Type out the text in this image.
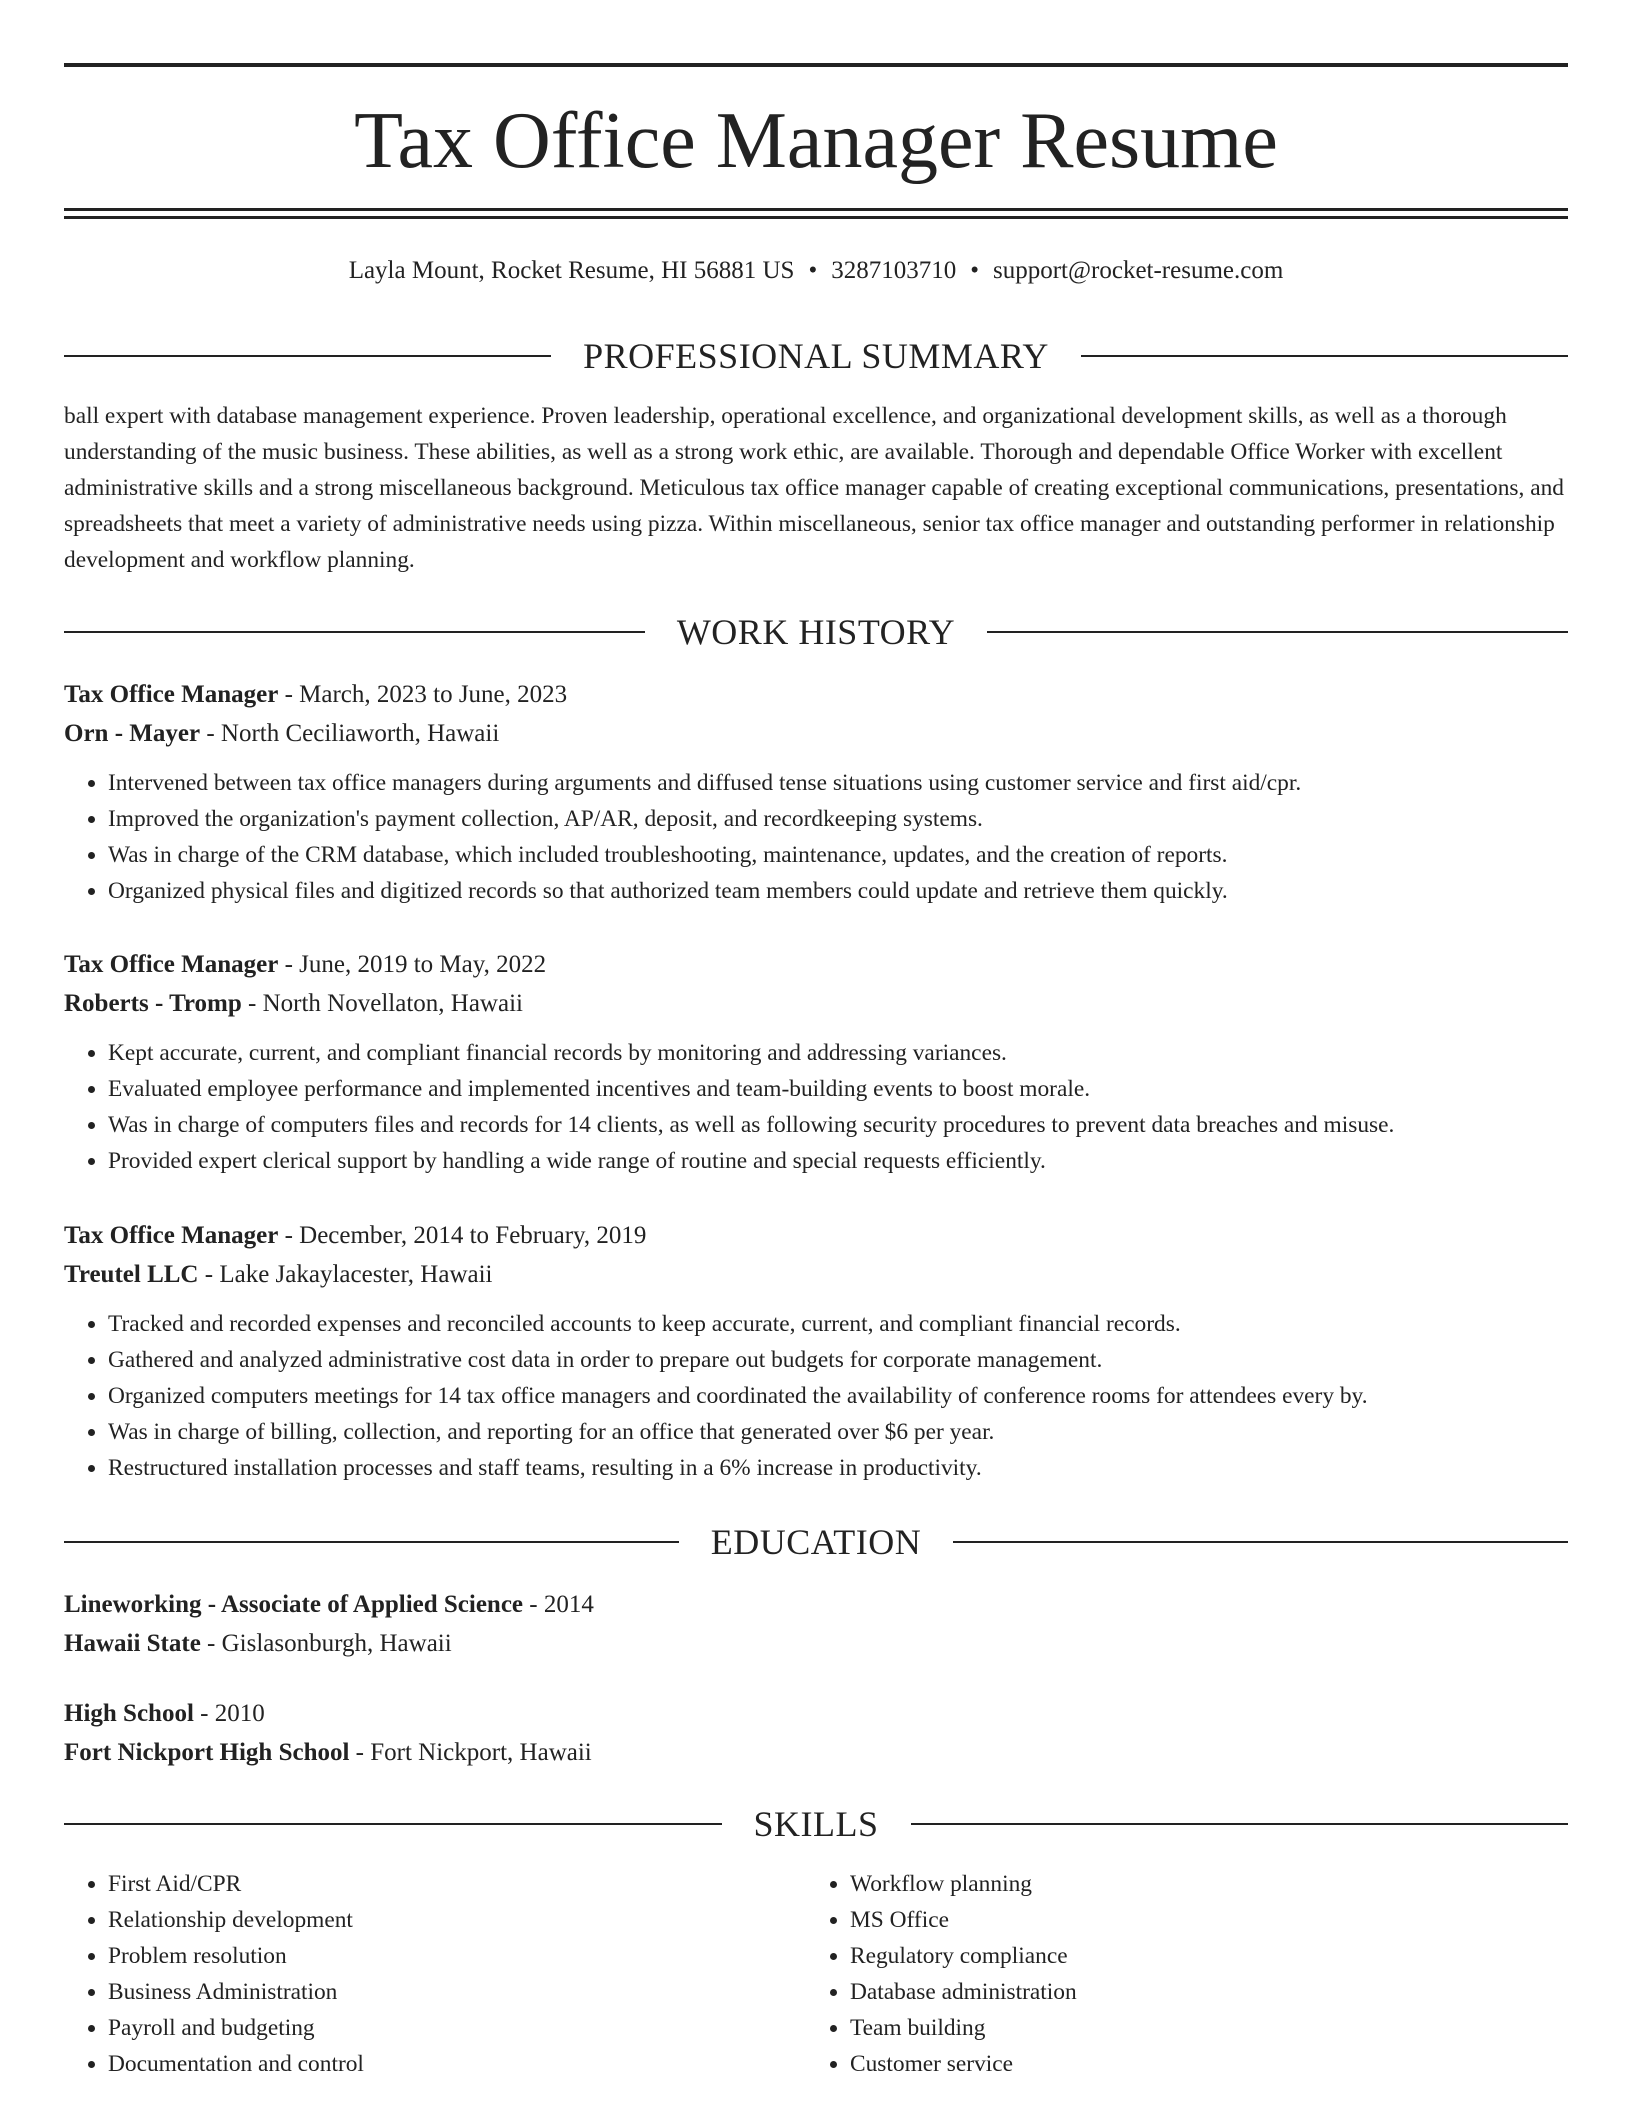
Tax Office Manager Resume
Layla Mount, Rocket Resume, HI 56881 US • 3287103710 • support@rocket-resume.com
PROFESSIONAL SUMMARY
ball expert with database management experience. Proven leadership, operational excellence, and organizational development skills, as well as a thorough understanding of the music business. These abilities, as well as a strong work ethic, are available. Thorough and dependable Office Worker with excellent administrative skills and a strong miscellaneous background. Meticulous tax office manager capable of creating exceptional communications, presentations, and spreadsheets that meet a variety of administrative needs using pizza. Within miscellaneous, senior tax office manager and outstanding performer in relationship development and workflow planning.
WORK HISTORY
Tax Office Manager - March, 2023 to June, 2023
Orn - Mayer - North Ceciliaworth, Hawaii
• Intervened between tax office managers during arguments and diffused tense situations using customer service and first aid/cpr.
• Improved the organization's payment collection, AP/AR, deposit, and recordkeeping systems.
• Was in charge of the CRM database, which included troubleshooting, maintenance, updates, and the creation of reports.
• Organized physical files and digitized records so that authorized team members could update and retrieve them quickly.
Tax Office Manager - June, 2019 to May, 2022
Roberts - Tromp - North Novellaton, Hawaii
• Kept accurate, current, and compliant financial records by monitoring and addressing variances.
• Evaluated employee performance and implemented incentives and team-building events to boost morale.
• Was in charge of computers files and records for 14 clients, as well as following security procedures to prevent data breaches and misuse.
• Provided expert clerical support by handling a wide range of routine and special requests efficiently.
Tax Office Manager - December, 2014 to February, 2019
Treutel LLC - Lake Jakaylacester, Hawaii
• Tracked and recorded expenses and reconciled accounts to keep accurate, current, and compliant financial records.
• Gathered and analyzed administrative cost data in order to prepare out budgets for corporate management.
• Organized computers meetings for 14 tax office managers and coordinated the availability of conference rooms for attendees every by.
• Was in charge of billing, collection, and reporting for an office that generated over $6 per year.
• Restructured installation processes and staff teams, resulting in a 6% increase in productivity.
EDUCATION
Lineworking - Associate of Applied Science - 2014
Hawaii State - Gislasonburgh, Hawaii
High School - 2010
Fort Nickport High School - Fort Nickport, Hawaii
SKILLS
• First Aid/CPR
• Relationship development
• Problem resolution
• Business Administration
• Payroll and budgeting
• Documentation and control
• Workflow planning
• MS Office
• Regulatory compliance
• Database administration
• Team building
• Customer service
